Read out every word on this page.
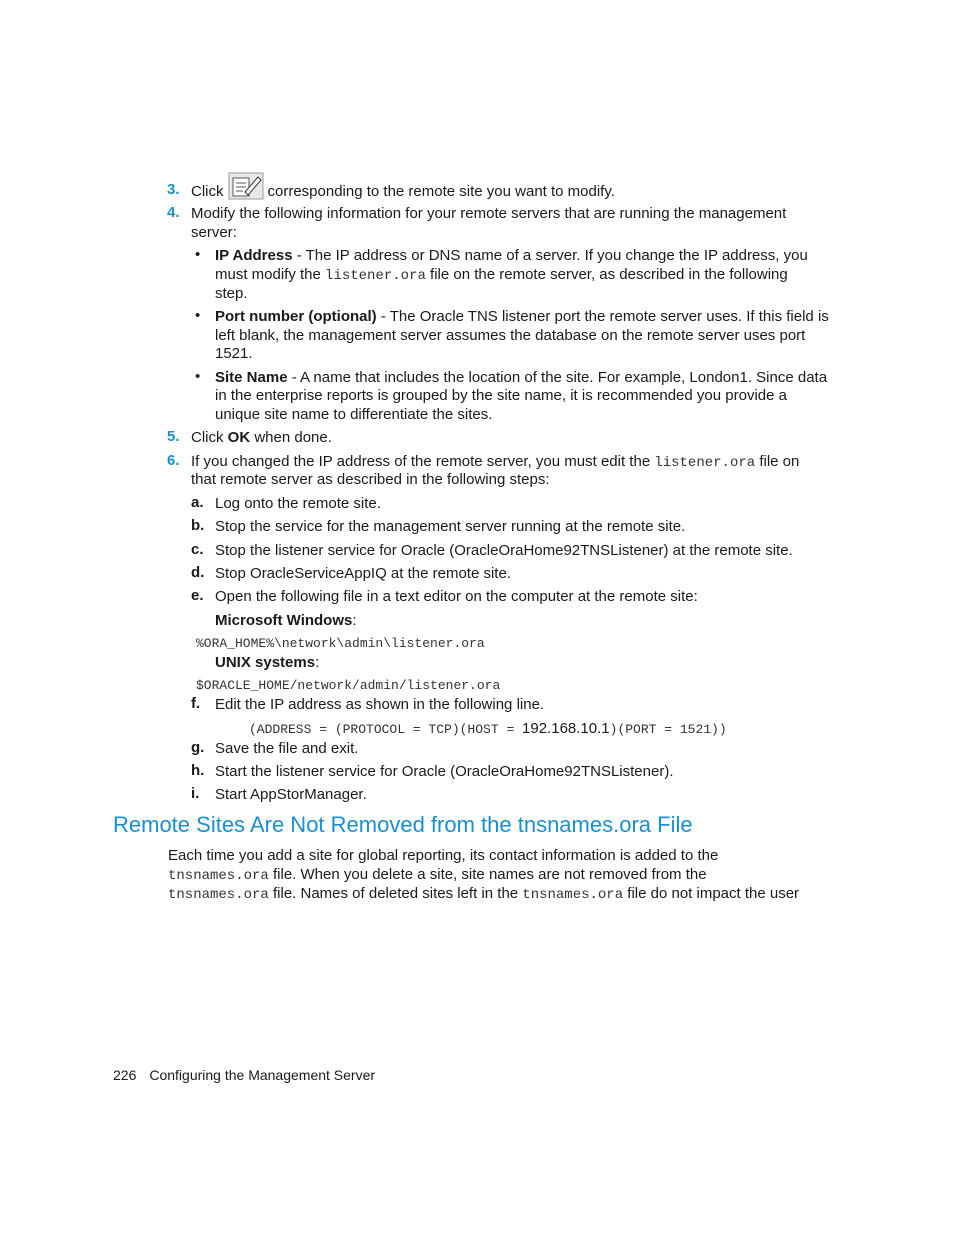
3. Click	corresponding to the remote site you want to modify.
4. Modify the following information for your remote servers that are running the management
server:
• IP Address - The IP address or DNS name of a server. If you change the IP address, you
must modify the listener.ora file on the remote server, as described in the following
step.
• Port number (optional) - The Oracle TNS listener port the remote server uses. If this field is
left blank, the management server assumes the database on the remote server uses port
1521.
• Site Name - A name that includes the location of the site. For example, London1. Since data
in the enterprise reports is grouped by the site name, it is recommended you provide a
unique site name to differentiate the sites.
5. Click OK when done.
6. If you changed the IP address of the remote server, you must edit the listener.ora file on
that remote server as described in the following steps:
a. Log onto the remote site.
b. Stop the service for the management server running at the remote site.
c. Stop the listener service for Oracle (OracleOraHome92TNSListener) at the remote site.
d. Stop OracleServiceAppIQ at the remote site.
e. Open the following file in a text editor on the computer at the remote site:
Microsoft Windows:
%ORA_HOME%\network\admin\listener.ora
UNIX systems:
$ORACLE_HOME/network/admin/listener.ora
f. Edit the IP address as shown in the following line.
(ADDRESS = (PROTOCOL = TCP)(HOST = 192.168.10.1)(PORT = 1521))
g. Save the file and exit.
h. Start the listener service for Oracle (OracleOraHome92TNSListener).
i. Start AppStorManager.
Remote Sites Are Not Removed from the tnsnames.ora File
Each time you add a site for global reporting, its contact information is added to the
tnsnames.ora file. When you delete a site, site names are not removed from the
tnsnames.ora file. Names of deleted sites left in the tnsnames.ora file do not impact the user
226 Configuring the Management Server
